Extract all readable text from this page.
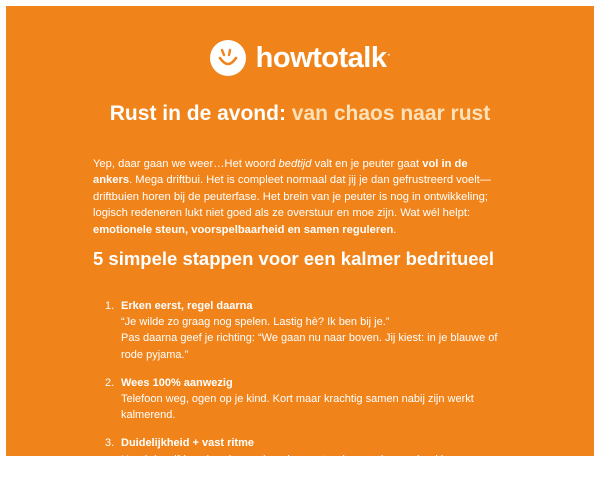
howtotalk·
Rust in de avond: van chaos naar rust

Yep, daar gaan we weer…Het woord bedtijd valt en je peuter gaat vol in de ankers. Mega driftbui. Het is compleet normaal dat jij je dan gefrustreerd voelt—driftbuien horen bij de peuterfase. Het brein van je peuter is nog in ontwikkeling; logisch redeneren lukt niet goed als ze overstuur en moe zijn. Wat wél helpt: emotionele steun, voorspelbaarheid en samen reguleren.

5 simpele stappen voor een kalmer bedritueel
1. Erken eerst, regel daarna
“Je wilde zo graag nog spelen. Lastig hè? Ik ben bij je.”
Pas daarna geef je richting: “We gaan nu naar boven. Jij kiest: in je blauwe of rode pyjama.”
2. Wees 100% aanwezig
Telefoon weg, ogen op je kind. Kort maar krachtig samen nabij zijn werkt kalmerend.
3. Duidelijkheid + vast ritme
Houd dezelfde volgorde aan (opruimen – tanden – pyjama – boekje –
